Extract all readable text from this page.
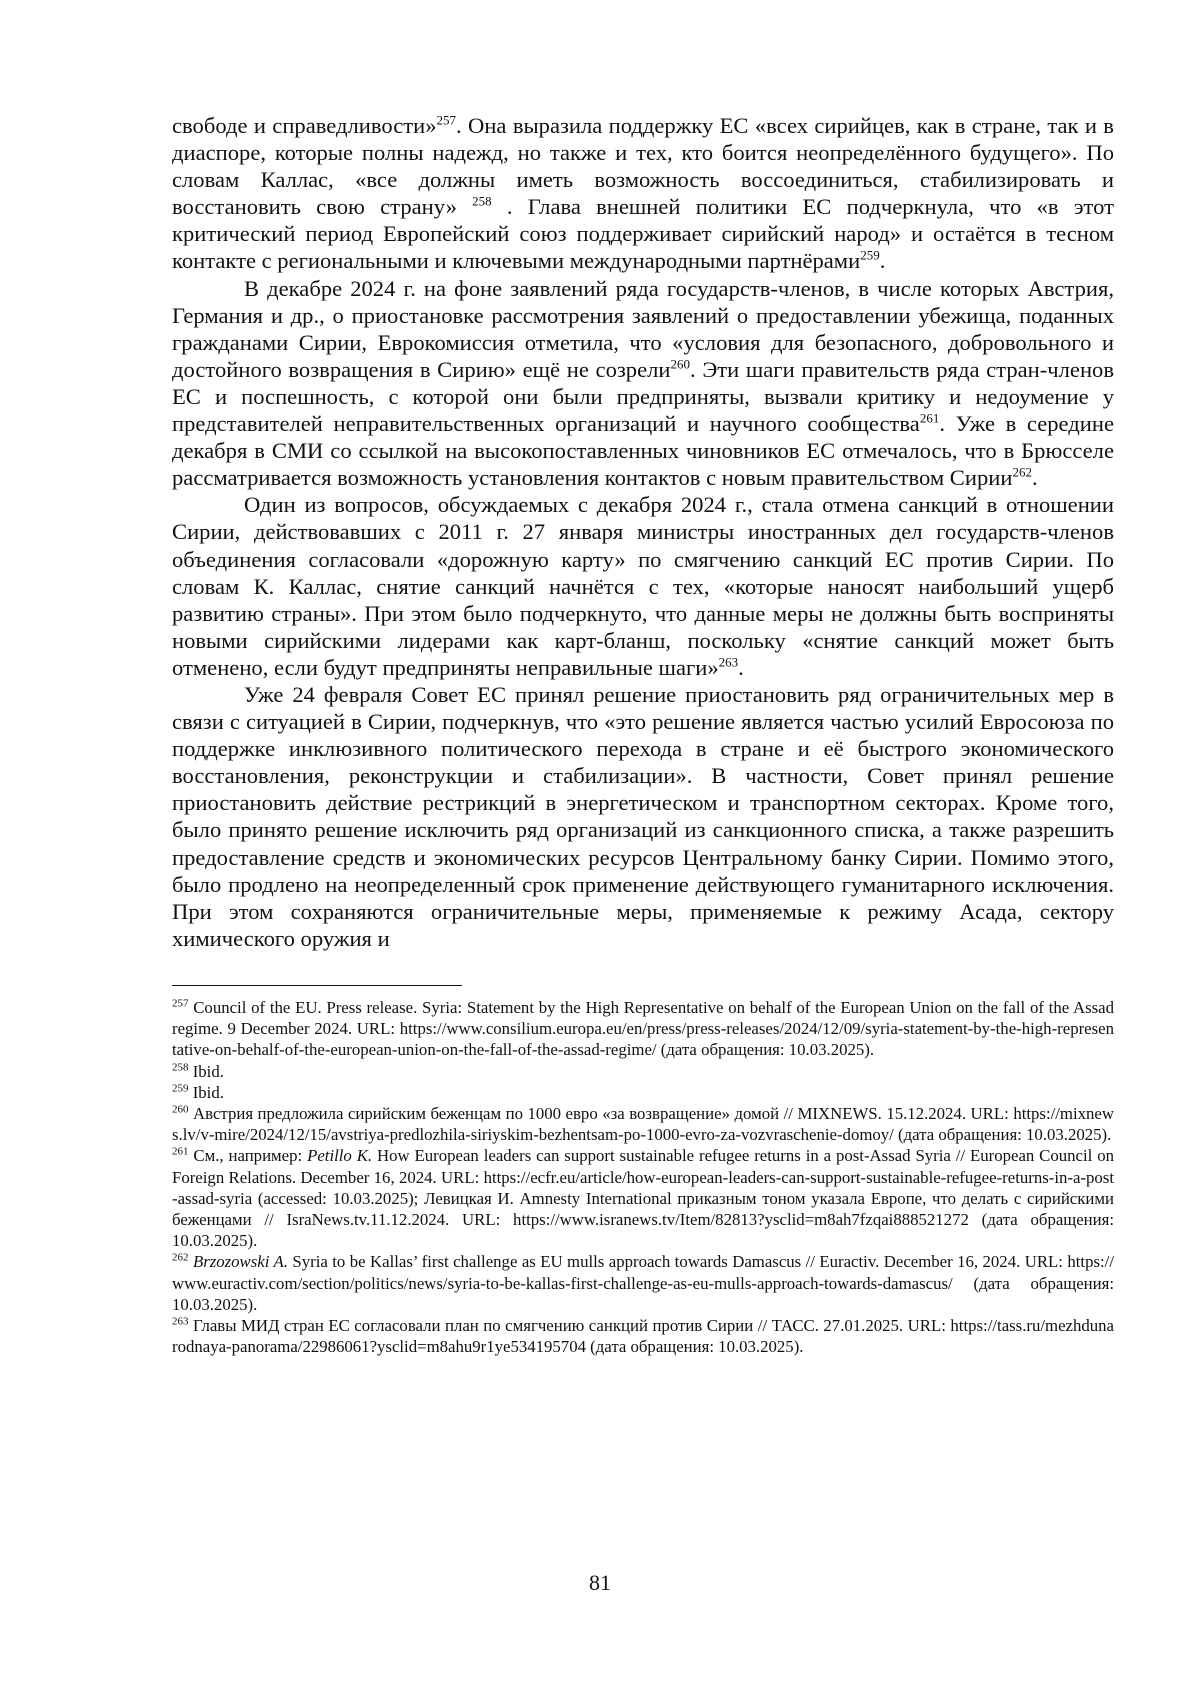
свободе и справедливости»$^{257}$. Она выразила поддержку ЕС «всех сирийцев, как в стране, так и в диаспоре, которые полны надежд, но также и тех, кто боится неопределённого будущего». По словам Каллас, «все должны иметь возможность воссоединиться, стабилизировать и восстановить свою страну» $^{258}$ . Глава внешней политики ЕС подчеркнула, что «в этот критический период Европейский союз поддерживает сирийский народ» и остаётся в тесном контакте с региональными и ключевыми международными партнёрами$^{259}$.

В декабре 2024 г. на фоне заявлений ряда государств-членов, в числе которых Австрия, Германия и др., о приостановке рассмотрения заявлений о предоставлении убежища, поданных гражданами Сирии, Еврокомиссия отметила, что «условия для безопасного, добровольного и достойного возвращения в Сирию» ещё не созрели$^{260}$. Эти шаги правительств ряда стран-членов ЕС и поспешность, с которой они были предприняты, вызвали критику и недоумение у представителей неправительственных организаций и научного сообщества$^{261}$. Уже в середине декабря в СМИ со ссылкой на высокопоставленных чиновников ЕС отмечалось, что в Брюсселе рассматривается возможность установления контактов с новым правительством Сирии$^{262}$.

Один из вопросов, обсуждаемых с декабря 2024 г., стала отмена санкций в отношении Сирии, действовавших с 2011 г. 27 января министры иностранных дел государств-членов объединения согласовали «дорожную карту» по смягчению санкций ЕС против Сирии. По словам К. Каллас, снятие санкций начнётся с тех, «которые наносят наибольший ущерб развитию страны». При этом было подчеркнуто, что данные меры не должны быть восприняты новыми сирийскими лидерами как карт-бланш, поскольку «снятие санкций может быть отменено, если будут предприняты неправильные шаги»$^{263}$.

Уже 24 февраля Совет ЕС принял решение приостановить ряд ограничительных мер в связи с ситуацией в Сирии, подчеркнув, что «это решение является частью усилий Евросоюза по поддержке инклюзивного политического перехода в стране и её быстрого экономического восстановления, реконструкции и стабилизации». В частности, Совет принял решение приостановить действие рестрикций в энергетическом и транспортном секторах. Кроме того, было принято решение исключить ряд организаций из санкционного списка, а также разрешить предоставление средств и экономических ресурсов Центральному банку Сирии. Помимо этого, было продлено на неопределенный срок применение действующего гуманитарного исключения. При этом сохраняются ограничительные меры, применяемые к режиму Асада, сектору химического оружия и

$^{257}$ Council of the EU. Press release. Syria: Statement by the High Representative on behalf of the European Union on the fall of the Assad regime. 9 December 2024. URL: https://www.consilium.europa.eu/en/press/press-releases/2024/12/09/syria-statement-by-the-high-representative-on-behalf-of-the-european-union-on-the-fall-of-the-assad-regime/ (дата обращения: 10.03.2025).

$^{258}$ Ibid.

$^{259}$ Ibid.

$^{260}$ Австрия предложила сирийским беженцам по 1000 евро «за возвращение» домой // MIXNEWS. 15.12.2024. URL: https://mixnews.lv/v-mire/2024/12/15/avstriya-predlozhila-siriyskim-bezhentsam-po-1000-evro-za-vozvraschenie-domoy/ (дата обращения: 10.03.2025).

$^{261}$ См., например: Petillo K. How European leaders can support sustainable refugee returns in a post-Assad Syria // European Council on Foreign Relations. December 16, 2024. URL: https://ecfr.eu/article/how-european-leaders-can-support-sustainable-refugee-returns-in-a-post-assad-syria (accessed: 10.03.2025); Левицкая И. Amnesty International приказным тоном указала Европе, что делать с сирийскими беженцами // IsraNews.tv.11.12.2024. URL: https://www.isranews.tv/Item/82813?ysclid=m8ah7fzqai888521272 (дата обращения: 10.03.2025).

$^{262}$ Brzozowski A. Syria to be Kallas’ first challenge as EU mulls approach towards Damascus // Euractiv. December 16, 2024. URL: https://www.euractiv.com/section/politics/news/syria-to-be-kallas-first-challenge-as-eu-mulls-approach-towards-damascus/ (дата обращения: 10.03.2025).

$^{263}$ Главы МИД стран ЕС согласовали план по смягчению санкций против Сирии // ТАСС. 27.01.2025. URL: https://tass.ru/mezhdunarodnaya-panorama/22986061?ysclid=m8ahu9r1ye534195704 (дата обращения: 10.03.2025).

81
